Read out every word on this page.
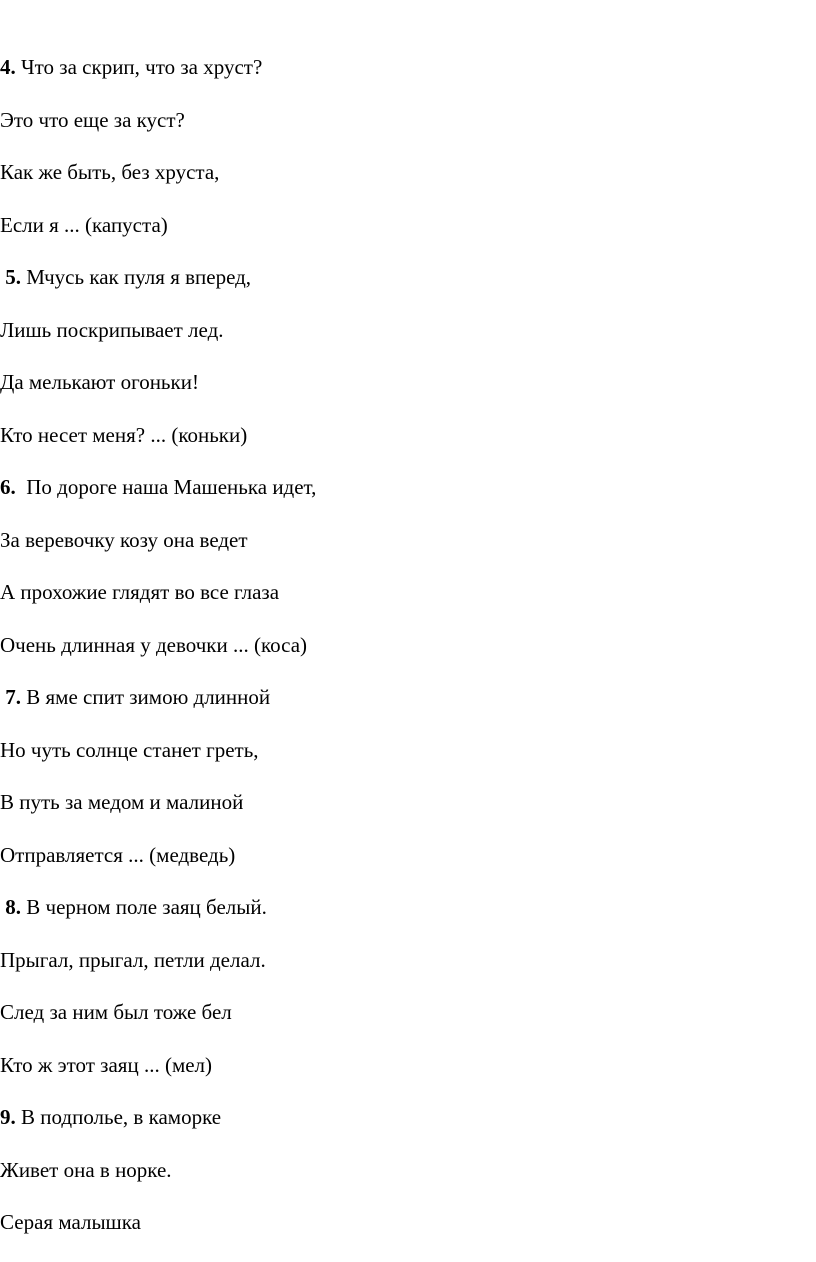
4. Что за скрип, что за хруст?

Это что еще за куст?

Как же быть, без хруста,

Если я ... (капуста)

5. Мчусь как пуля я вперед,

Лишь поскрипывает лед.

Да мелькают огоньки!

Кто несет меня? ... (коньки)

6.  По дороге наша Машенька идет,

За веревочку козу она ведет

А прохожие глядят во все глаза

Очень длинная у девочки ... (коса)

7. В яме спит зимою длинной

Но чуть солнце станет греть,

В путь за медом и малиной

Отправляется ... (медведь)

8. В черном поле заяц белый.

Прыгал, прыгал, петли делал.

След за ним был тоже бел

Кто ж этот заяц ... (мел)

9. В подполье, в каморке

Живет она в норке.

Серая малышка
